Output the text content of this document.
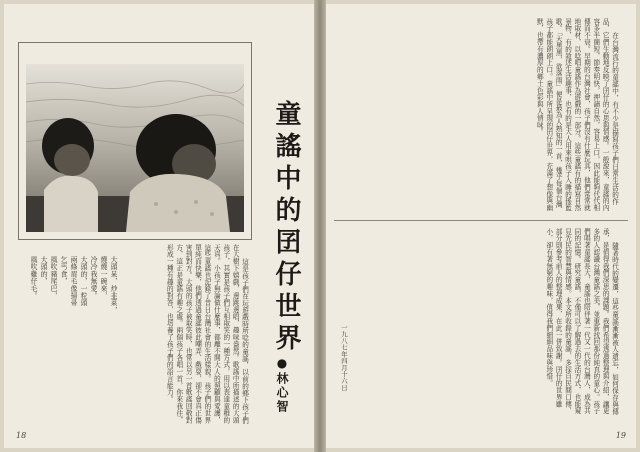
童謠中的囝仔世界
●林心智

這是孩子們在玩遊戲時所唸的童謠，以前的鄉下孩子們在大樹下嬉戲，邊跳邊唱，趣味盎然。歌謠中所描述的大頭孩子，其實是孩子們互相取笑的一種方式，用以表達童稚的天真。小孩子無論做什麼事，都離不開大人的照顧與愛護，這些童謠也記錄了昔日台灣社會的生活樣貌。孩子們的世界單純而快樂，他們透過童謠彼此嘲弄、戲耍，卻不會真正傷害到對方。大頭的孩子被取笑時，也常以另一首歌謠回敬對方，這正是童謠有趣之處。兩個孩子各唱一首，你來我往，形成一種有趣的對答，也培養了孩子們的語言能力。

大頭呆，炒韭菜，
燒燒一碗來，
冷冷我無愛。
大頭的，一粒頭
兩條眉毛像掃帚
乞丐食，
風吹豬尾巴，
大頭的，
風吹雞仔毛。
18

在台灣流行的童謠中，有不少是描寫孩子們日常生活的作品，它們生動地反映了囝仔的心思與情感。一般說來，童謠的內容多半簡短，節奏明快，押韻自然，容易上口，因此能夠代代相傳而不衰。早期的台灣社會，孩子們沒有什麼玩具，他們常常就地取材，以唸唱童謠作為遊戲的一部分。這些童謠有的描寫自然景物，有的敘述生活趣事，也有的是大人用來哄孩子入睡的搖籃歌。「天黑黑，欲落雨」便是最為人熟知的一首，幾乎每個台灣孩子都能朗朗上口。童謠中所呈現的囝仔世界，充滿了想像與幽默，也帶有濃厚的鄉土色彩與人情味。

隨著時代的變遷，這些童謠漸漸被人遺忘，如何保存與傳承，是值得我們深思的課題。我們希望透過整理與介紹，讓更多的人認識台灣童謠之美，並重新找回那份純真的童心。孩子們唱著童謠長大，童謠也陪伴著一代又一代的台灣人，成為共同的記憶。研究童謠，不僅可以了解過去的生活方式，也能窺見先民的智慧與情感。本文所收錄的童謠，多採自民間口傳，部分則參考前人的整理成果，在此一併致謝。囝仔的世界雖小，卻有著無窮的趣味，值得我們細細品味與珍惜。

一九八七年四月十六日
19
